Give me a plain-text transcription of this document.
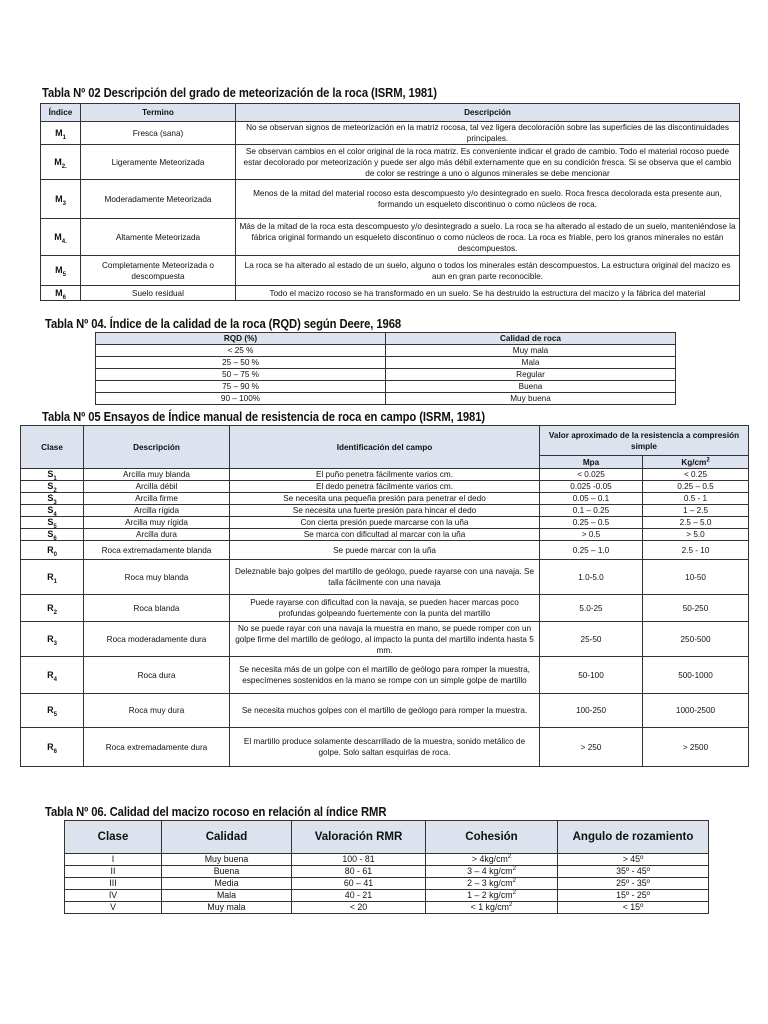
Tabla Nº 02 Descripción del grado de meteorización de la roca (ISRM, 1981)
Índice	Termino	Descripción
$M_1$	Fresca (sana)	No se observan signos de meteorización en la matriz rocosa, tal vez ligera decoloración sobre las superficies de las discontinuidades principales.
$M_{2.}$	Ligeramente Meteorizada	Se observan cambios en el color original de la roca matriz. Es conveniente indicar el grado de cambio. Todo el material rocoso puede estar decolorado por meteorización y puede ser algo más débil externamente que en su condición fresca. Si se observa que el cambio de color se restringe a uno o algunos minerales se debe mencionar
$M_3$	Moderadamente Meteorizada	Menos de la mitad del material rocoso esta descompuesto y/o desintegrado en suelo. Roca fresca decolorada esta presente aun, formando un esqueleto discontinuo o como núcleos de roca.
$M_{4.}$	Altamente Meteorizada	Más de la mitad de la roca esta descompuesto y/o desintegrado a suelo. La roca se ha alterado al estado de un suelo, manteniéndose la fábrica original formando un esqueleto discontinuo o como núcleos de roca. La roca es friable, pero los granos minerales no están descompuestos.
$M_5$	Completamente Meteorizada o descompuesta	La roca se ha alterado al estado de un suelo, alguno o todos los minerales están descompuestos. La estructura original del macizo es aun en gran parte reconocible.
$M_6$	Suelo residual	Todo el macizo rocoso se ha transformado en un suelo. Se ha destruido la estructura del macizo y la fábrica del material
Tabla Nº 04. Índice de la calidad de la roca (RQD) según Deere, 1968
RQD (%)	Calidad de roca
< 25 %	Muy mala
25 – 50 %	Mala
50 – 75 %	Regular
75 – 90 %	Buena
90 – 100%	Muy buena
Tabla Nº 05 Ensayos de Índice manual de resistencia de roca en campo (ISRM, 1981)
Clase	Descripción	Identificación del campo	Valor aproximado de la resistencia a compresión simple	
			Mpa	$Kg/cm^2$
$S_1$	Arcilla muy blanda	El puño penetra fácilmente varios cm.	< 0.025	< 0.25
$S_2$	Arcilla débil	El dedo penetra fácilmente varios cm.	0.025 -0.05	0.25 – 0.5
$S_3$	Arcilla firme	Se necesita una pequeña presión para penetrar el dedo	0.05 – 0.1	0.5 - 1
$S_4$	Arcilla rígida	Se necesita una fuerte presión para hincar el dedo	0.1 – 0.25	1 – 2.5
$S_5$	Arcilla muy rígida	Con cierta presión puede marcarse con la uña	0.25 – 0.5	2.5 – 5.0
$S_6$	Arcilla dura	Se marca con dificultad al marcar con la uña	> 0.5	> 5.0
$R_0$	Roca extremadamente blanda	Se puede marcar con la uña	0.25 – 1.0	2.5 - 10
$R_1$	Roca muy blanda	Deleznable bajo golpes del martillo de geólogo, puede rayarse con una navaja. Se talla fácilmente con una navaja	1.0-5.0	10-50
$R_2$	Roca blanda	Puede rayarse con dificultad con la navaja, se pueden hacer marcas poco profundas golpeando fuertemente con la punta del martillo	5.0-25	50-250
$R_3$	Roca moderadamente dura	No se puede rayar con una navaja la muestra en mano, se puede romper con un golpe firme del martillo de geólogo, al impacto la punta del martillo indenta hasta 5 mm.	25-50	250-500
$R_4$	Roca dura	Se necesita más de un golpe con el martillo de geólogo para romper la muestra, especímenes sostenidos en la mano se rompe con un simple golpe de martillo	50-100	500-1000
$R_5$	Roca muy dura	Se necesita muchos golpes con el martillo de geólogo para romper la muestra.	100-250	1000-2500
$R_6$	Roca extremadamente dura	El martillo produce solamente descarrillado de la muestra, sonido metálico de golpe. Solo saltan esquirlas de roca.	> 250	> 2500
Tabla Nº 06. Calidad del macizo rocoso en relación al índice RMR
Clase	Calidad	Valoración RMR	Cohesión	Angulo de rozamiento
I	Muy buena	100 - 81	> $4kg/cm^2$	> 45º
II	Buena	80 - 61	3 – 4 $kg/cm^2$	35º - 45º
III	Media	60 – 41	2 – 3 $kg/cm^2$	25º - 35º
IV	Mala	40 - 21	1 – 2 $kg/cm^2$	15º - 25º
V	Muy mala	< 20	< 1 $kg/cm^2$	< 15º
